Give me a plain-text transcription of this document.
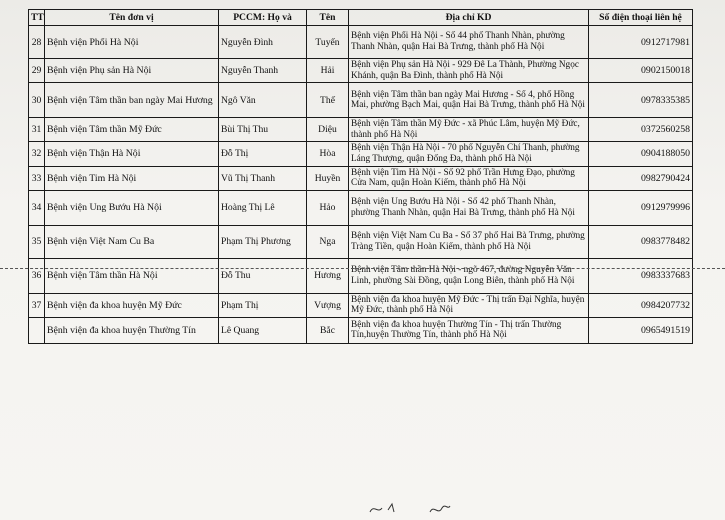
TT	Tên đơn vị	PCCM: Họ và	Tên	Địa chỉ KD	Số điện thoại liên hệ
28	Bệnh viện Phổi Hà Nội	Nguyễn Đình	Tuyến	Bệnh viện Phổi Hà Nội - Số 44 phố Thanh Nhàn, phường Thanh Nhàn, quận Hai Bà Trưng, thành phố Hà Nội	0912717981
29	Bệnh viện Phụ sản Hà Nội	Nguyễn Thanh	Hải	Bệnh viện Phụ sản Hà Nội - 929 Đê La Thành, Phường Ngọc Khánh, quận Ba Đình, thành phố Hà Nội	0902150018
30	Bệnh viện Tâm thần ban ngày Mai Hương	Ngô Văn	Thế	Bệnh viện Tâm thần ban ngày Mai Hương - Số 4, phố Hồng Mai, phường Bạch Mai, quận Hai Bà Trưng, thành phố Hà Nội	0978335385
31	Bệnh viện Tâm thần Mỹ Đức	Bùi Thị Thu	Diệu	Bệnh viện Tâm thần Mỹ Đức - xã Phúc Lâm, huyện Mỹ Đức, thành phố Hà Nội	0372560258
32	Bệnh viện Thận Hà Nội	Đỗ Thị	Hòa	Bệnh viện Thận Hà Nội - 70 phố Nguyễn Chí Thanh, phường Láng Thượng, quận Đống Đa, thành phố Hà Nội	0904188050
33	Bệnh viện Tim Hà Nội	Vũ Thị Thanh	Huyền	Bệnh viện Tim Hà Nội - Số 92 phố Trần Hưng Đạo, phường Cửa Nam, quận Hoàn Kiếm, thành phố Hà Nội	0982790424
34	Bệnh viện Ung Bướu Hà Nội	Hoàng Thị Lê	Hảo	Bệnh viện Ung Bướu Hà Nội - Số 42 phố Thanh Nhàn, phường Thanh Nhàn, quận Hai Bà Trưng, thành phố Hà Nội	0912979996
35	Bệnh viện Việt Nam Cu Ba	Phạm Thị Phương	Nga	Bệnh viện Việt Nam Cu Ba - Số 37 phố Hai Bà Trưng, phường Tràng Tiền, quận Hoàn Kiếm, thành phố Hà Nội	0983778482
36	Bệnh viện Tâm thần Hà Nội	Đỗ Thu	Hương	Bệnh viện Tâm thần Hà Nội - ngõ 467, đường Nguyễn Văn Linh, phường Sài Đồng, quận Long Biên, thành phố Hà Nội	0983337683
37	Bệnh viện đa khoa huyện Mỹ Đức	Phạm Thị	Vượng	Bệnh viện đa khoa huyện Mỹ Đức - Thị trấn Đại Nghĩa, huyện Mỹ Đức, thành phố Hà Nội	0984207732
	Bệnh viện đa khoa huyện Thường Tín	Lê Quang	Bắc	Bệnh viện đa khoa huyện Thường Tín - Thị trấn Thường Tín,huyện Thường Tín, thành phố Hà Nội	0965491519
